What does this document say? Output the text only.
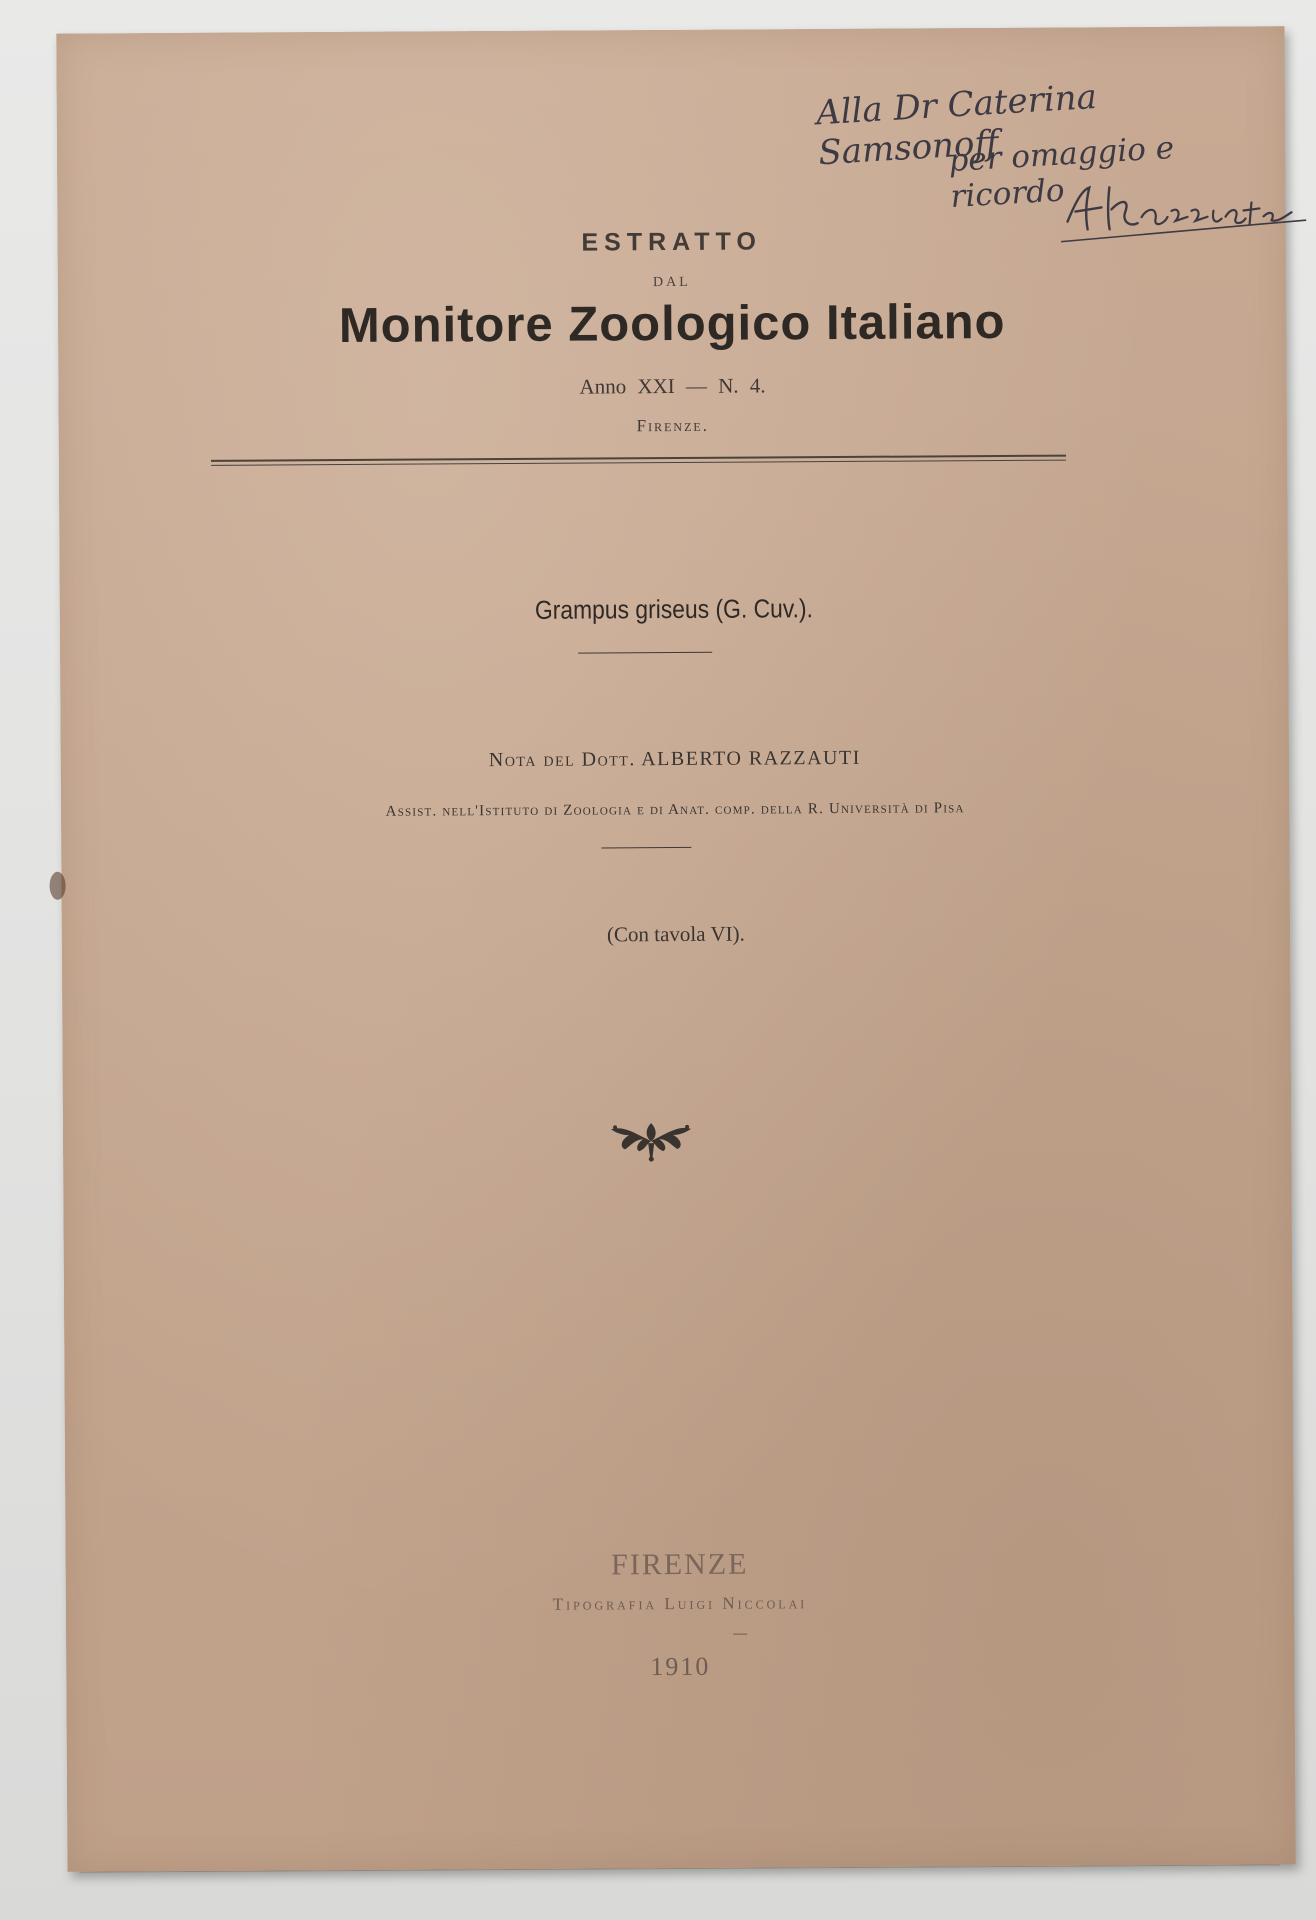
Alla Dr Caterina Samsonoff
per omaggio e ricordo
ESTRATTO
DAL
Monitore Zoologico Italiano
Anno XXI — N. 4.
Firenze.
Grampus griseus (G. Cuv.).
Nota del Dott. ALBERTO RAZZAUTI
Assist. nell'Istituto di Zoologia e di Anat. comp. della R. Università di Pisa
(Con tavola VI).
FIRENZE
Tipografia Luigi Niccolai
1910
